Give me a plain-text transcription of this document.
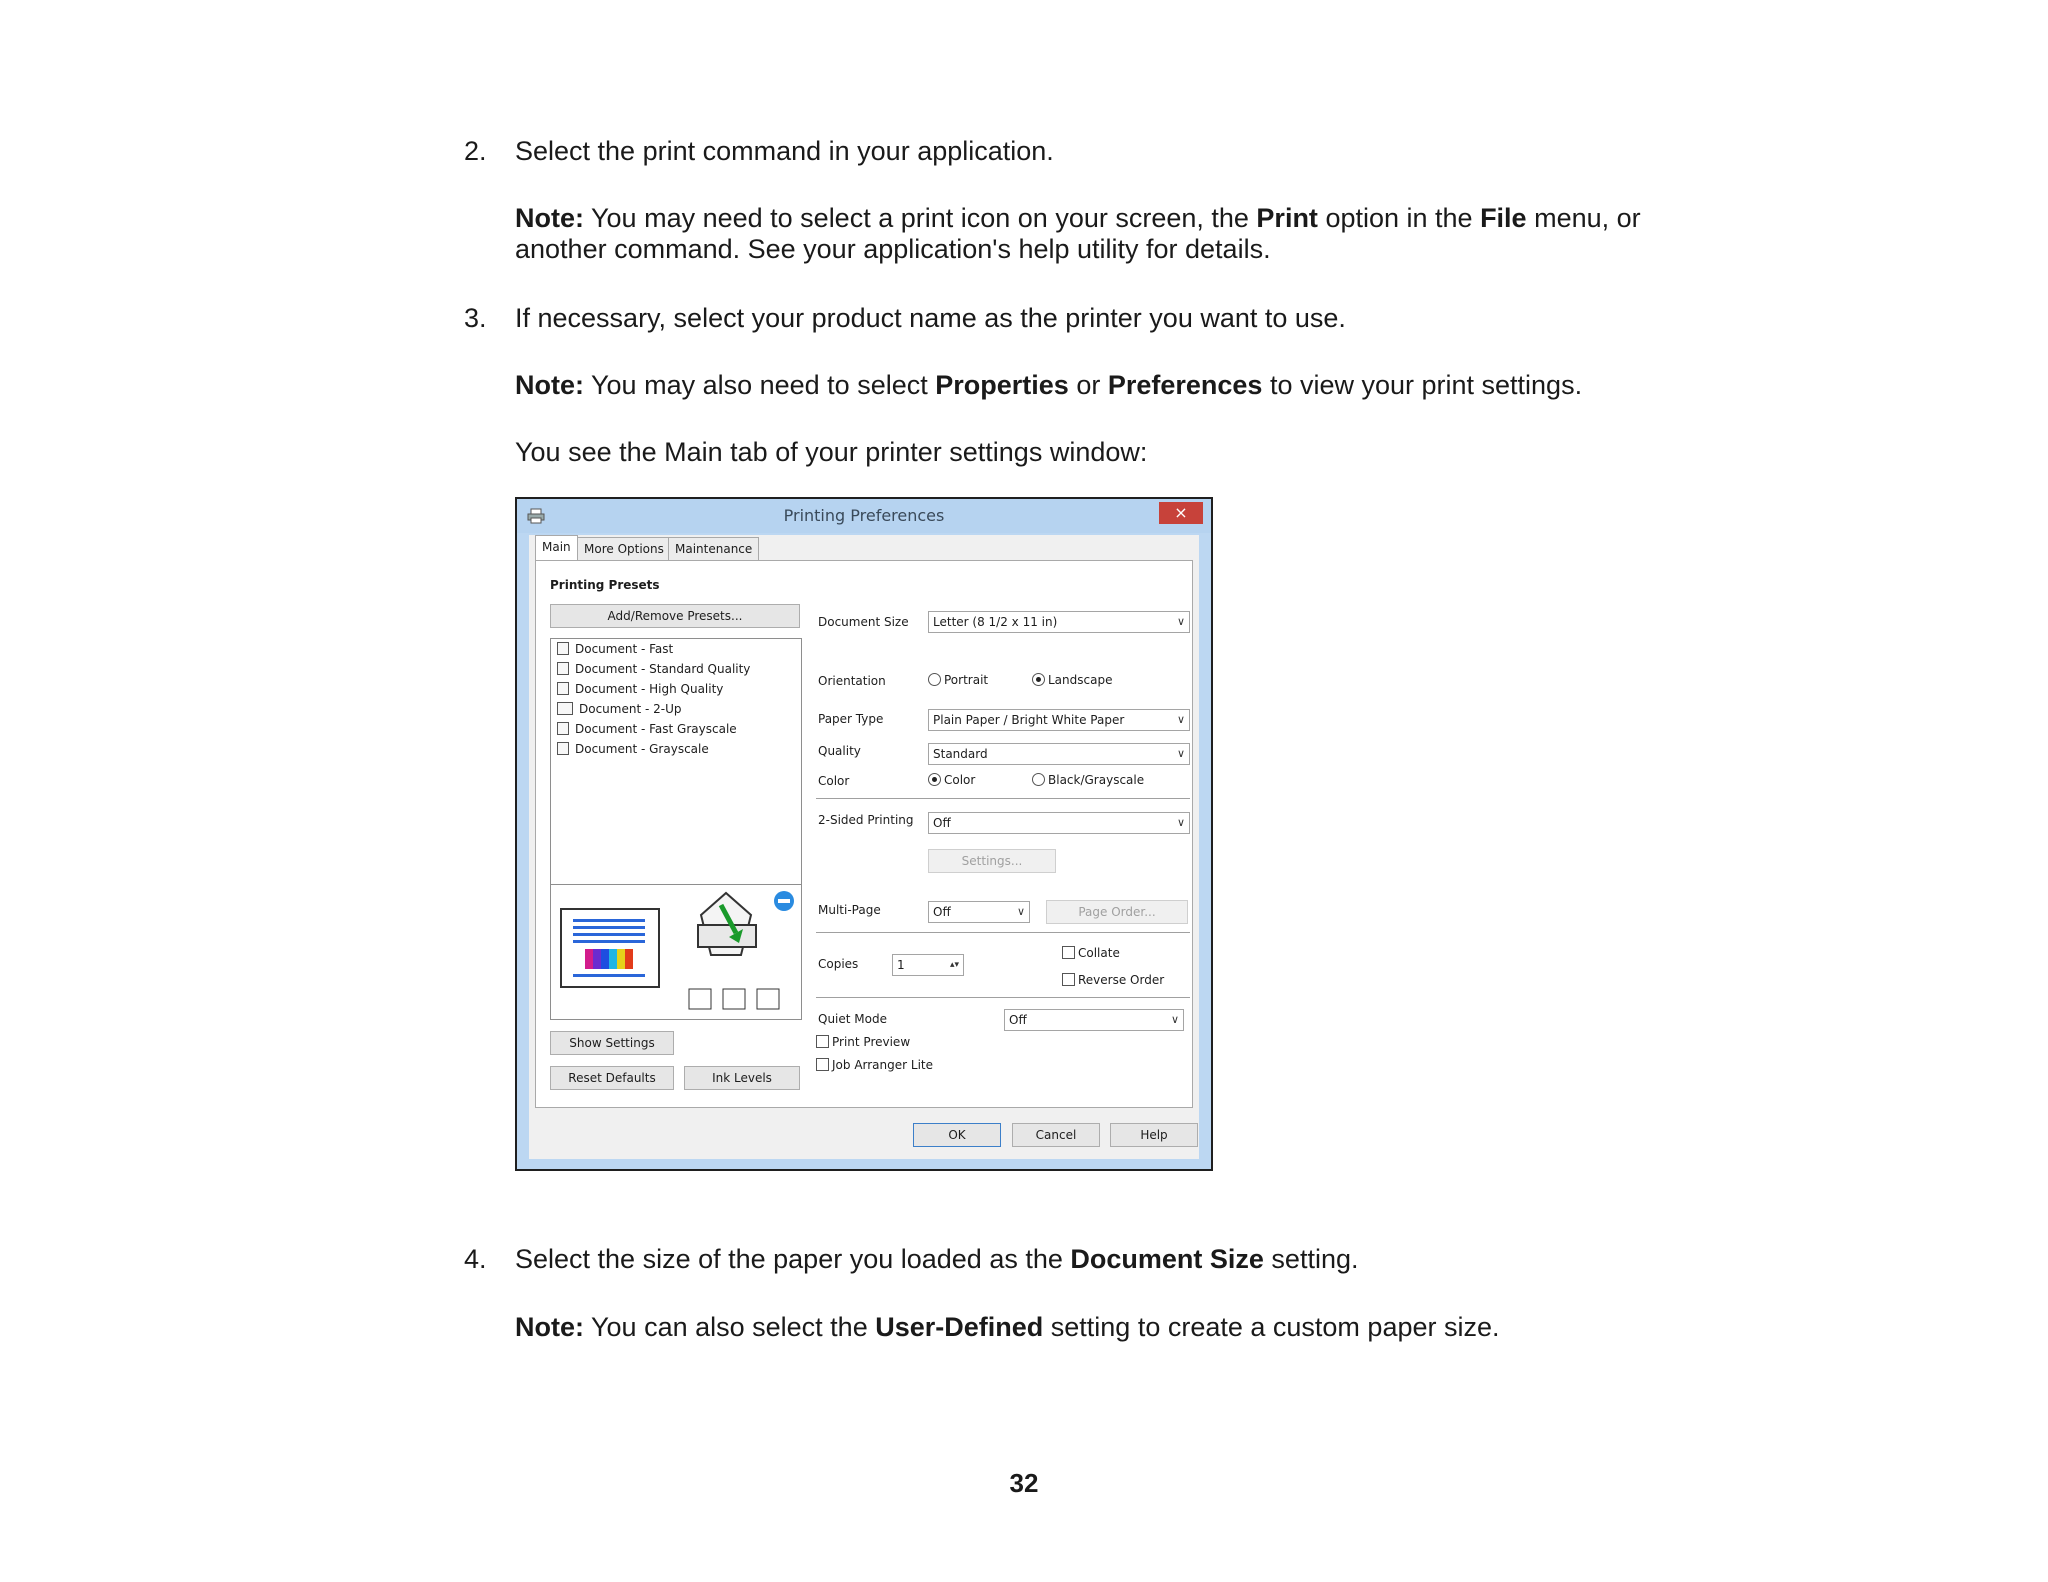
2. Select the print command in your application.
Note: You may need to select a print icon on your screen, the Print option in the File menu, or
another command. See your application's help utility for details.
3. If necessary, select your product name as the printer you want to use.
Note: You may also need to select Properties or Preferences to view your print settings.
You see the Main tab of your printer settings window:
Printing Preferences	×
Main	More Options Maintenance
Printing Presets
Add/Remove Presets...
Document - Fast
Document - Standard Quality
Document - High Quality
Document - 2-Up
Document - Fast Grayscale
Document - Grayscale
Show Settings
Reset Defaults	Ink Levels
Document Size	Letter (8 1/2 x 11 in)	∨
Orientation	Portrait	Landscape
Paper Type	Plain Paper / Bright White Paper	∨
Quality	Standard	∨
Color	Color	Black/Grayscale
2-Sided Printing	Off	∨
Settings...
Multi-Page	Off	∨	Page Order...
Copies	1	▴▾
Collate
Reverse Order
Quiet Mode	Off	∨
Print Preview
Job Arranger Lite
OK	Cancel	Help
4. Select the size of the paper you loaded as the Document Size setting.
Note: You can also select the User-Defined setting to create a custom paper size.
32
